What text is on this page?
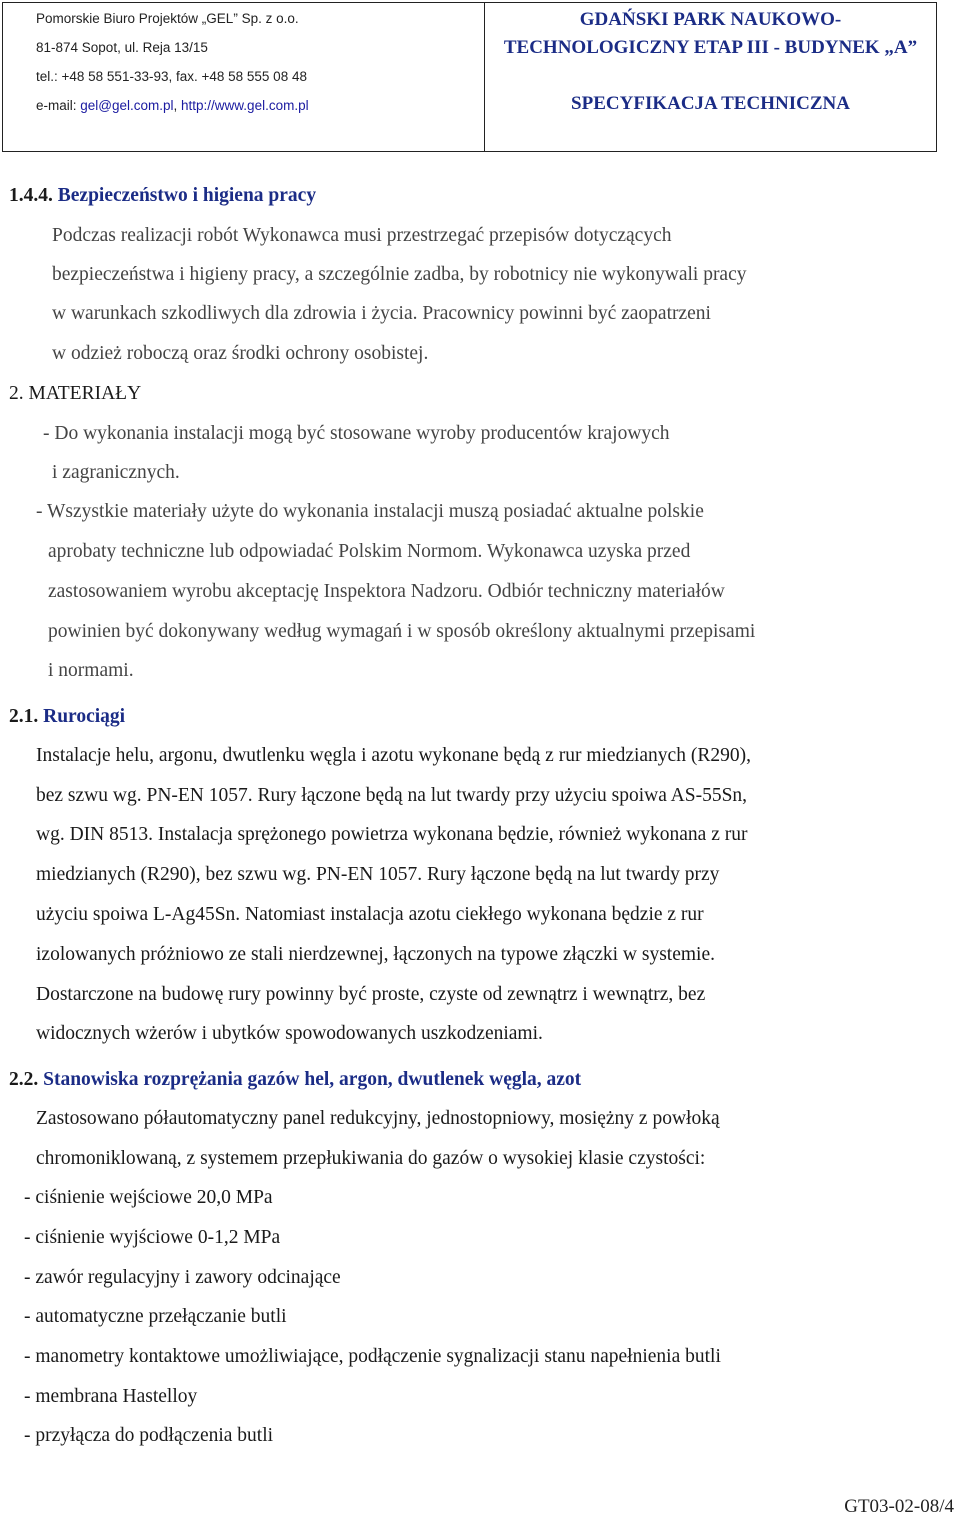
Pomorskie Biuro Projektów „GEL” Sp. z o.o.
81-874 Sopot, ul. Reja 13/15
tel.: +48 58 551-33-93, fax. +48 58 555 08 48
e-mail: gel@gel.com.pl, http://www.gel.com.pl
GDAŃSKI PARK NAUKOWO-
TECHNOLOGICZNY ETAP III - BUDYNEK „A”
SPECYFIKACJA TECHNICZNA
1.4.4. Bezpieczeństwo i higiena pracy
Podczas realizacji robót Wykonawca musi przestrzegać przepisów dotyczących
bezpieczeństwa i higieny pracy, a szczególnie zadba, by robotnicy nie wykonywali pracy
w warunkach szkodliwych dla zdrowia i życia. Pracownicy powinni być zaopatrzeni
w odzież roboczą oraz środki ochrony osobistej.
2. MATERIAŁY
- Do wykonania instalacji mogą być stosowane wyroby producentów krajowych
i zagranicznych.
- Wszystkie materiały użyte do wykonania instalacji muszą posiadać aktualne polskie
aprobaty techniczne lub odpowiadać Polskim Normom. Wykonawca uzyska przed
zastosowaniem wyrobu akceptację Inspektora Nadzoru. Odbiór techniczny materiałów
powinien być dokonywany według wymagań i w sposób określony aktualnymi przepisami
i normami.
2.1. Rurociągi
Instalacje helu, argonu, dwutlenku węgla i azotu wykonane będą z rur miedzianych (R290),
bez szwu wg. PN-EN 1057. Rury łączone będą na lut twardy przy użyciu spoiwa AS-55Sn,
wg. DIN 8513. Instalacja sprężonego powietrza wykonana będzie, również wykonana z rur
miedzianych (R290), bez szwu wg. PN-EN 1057. Rury łączone będą na lut twardy przy
użyciu spoiwa L-Ag45Sn. Natomiast instalacja azotu ciekłego wykonana będzie z rur
izolowanych próżniowo ze stali nierdzewnej, łączonych na typowe złączki w systemie.
Dostarczone na budowę rury powinny być proste, czyste od zewnątrz i wewnątrz, bez
widocznych wżerów i ubytków spowodowanych uszkodzeniami.
2.2. Stanowiska rozprężania gazów hel, argon, dwutlenek węgla, azot
Zastosowano półautomatyczny panel redukcyjny, jednostopniowy, mosiężny z powłoką
chromoniklowaną, z systemem przepłukiwania do gazów o wysokiej klasie czystości:
- ciśnienie wejściowe 20,0 MPa
- ciśnienie wyjściowe 0-1,2 MPa
- zawór regulacyjny i zawory odcinające
- automatyczne przełączanie butli
- manometry kontaktowe umożliwiające, podłączenie sygnalizacji stanu napełnienia butli
- membrana Hastelloy
- przyłącza do podłączenia butli
GT03-02-08/4
